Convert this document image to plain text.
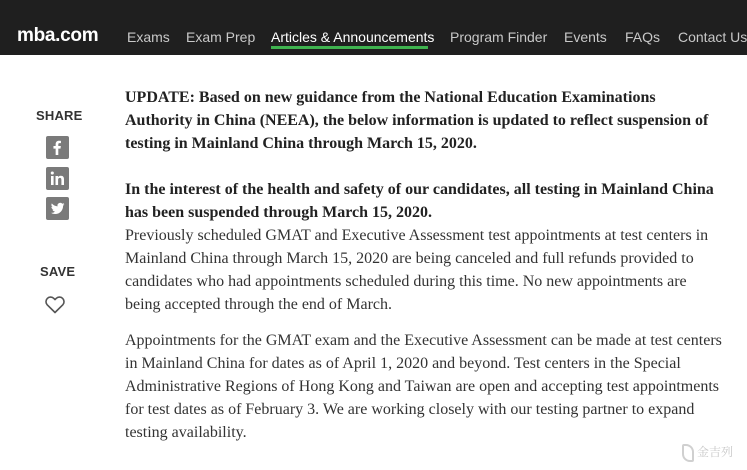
mba.com Exams Exam Prep Articles & Announcements Program Finder Events FAQs Contact Us
SHARE
SAVE

UPDATE: Based on new guidance from the National Education Examinations Authority in China (NEEA), the below information is updated to reflect suspension of testing in Mainland China through March 15, 2020.

In the interest of the health and safety of our candidates, all testing in Mainland China has been suspended through March 15, 2020.

Previously scheduled GMAT and Executive Assessment test appointments at test centers in Mainland China through March 15, 2020 are being canceled and full refunds provided to candidates who had appointments scheduled during this time. No new appointments are being accepted through the end of March.

Appointments for the GMAT exam and the Executive Assessment can be made at test centers in Mainland China for dates as of April 1, 2020 and beyond. Test centers in the Special Administrative Regions of Hong Kong and Taiwan are open and accepting test appointments for test dates as of February 3. We are working closely with our testing partner to expand testing availability.

金吉列
